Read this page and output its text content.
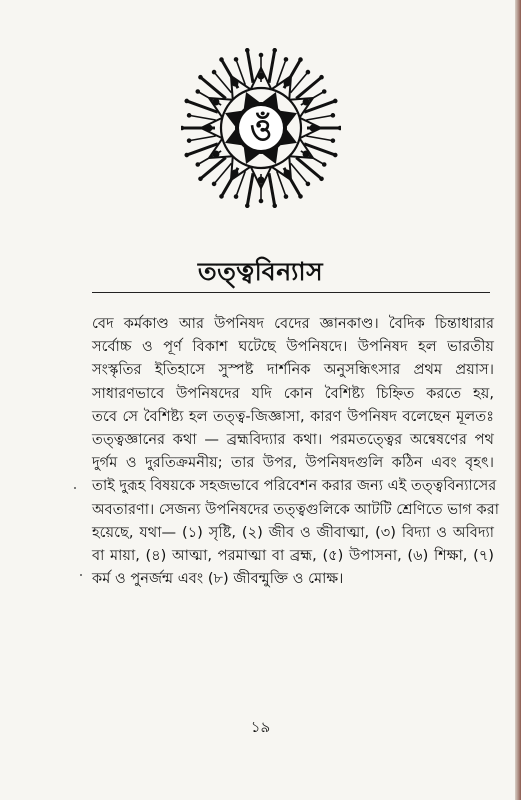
ওঁ
তত্ত্ববিন্যাস
বেদ কর্মকাণ্ড আর উপনিষদ বেদের জ্ঞানকাণ্ড। বৈদিক চিন্তাধারার
সর্বোচ্চ ও পূর্ণ বিকাশ ঘটেছে উপনিষদে। উপনিষদ হল ভারতীয়
সংস্কৃতির ইতিহাসে সুস্পষ্ট দার্শনিক অনুসন্ধিৎসার প্রথম প্রয়াস।
সাধারণভাবে উপনিষদের যদি কোন বৈশিষ্ট্য চিহ্নিত করতে হয়,
তবে সে বৈশিষ্ট্য হল তত্ত্ব-জিজ্ঞাসা, কারণ উপনিষদ বলেছেন মূলতঃ
তত্ত্বজ্ঞানের কথা — ব্রহ্মবিদ্যার কথা। পরমতত্ত্বের অন্বেষণের পথ
দুর্গম ও দুরতিক্রমনীয়; তার উপর, উপনিষদগুলি কঠিন এবং বৃহৎ।
তাই দুরূহ বিষয়কে সহজভাবে পরিবেশন করার জন্য এই তত্ত্ববিন্যাসের
অবতারণা। সেজন্য উপনিষদের তত্ত্বগুলিকে আটটি শ্রেণিতে ভাগ করা
হয়েছে, যথা— (১) সৃষ্টি, (২) জীব ও জীবাত্মা, (৩) বিদ্যা ও অবিদ্যা
বা মায়া, (৪) আত্মা, পরমাত্মা বা ব্রহ্ম, (৫) উপাসনা, (৬) শিক্ষা, (৭)
কর্ম ও পুনর্জন্ম এবং (৮) জীবন্মুক্তি ও মোক্ষ।
১৯
